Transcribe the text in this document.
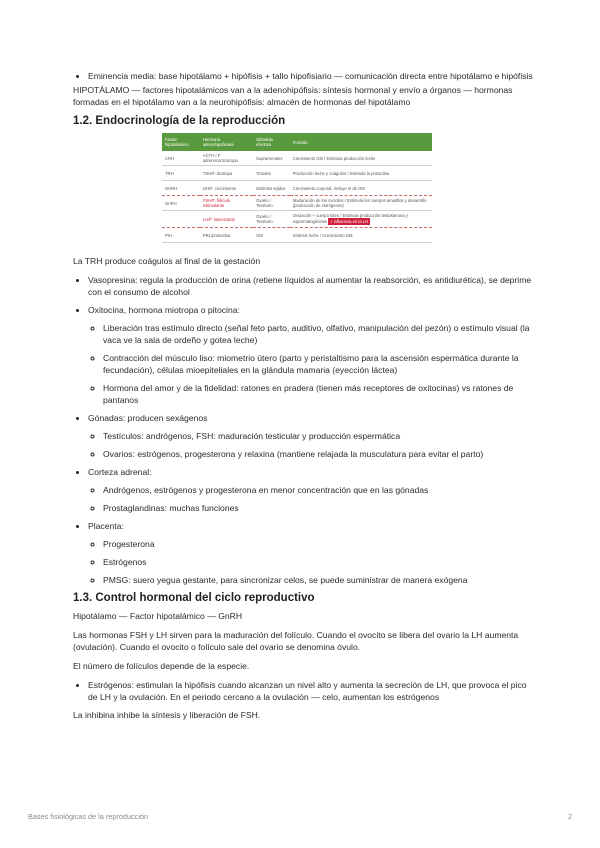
• Eminencia media: base hipotálamo + hipófisis + tallo hipofisiario — comunicación directa entre hipotálamo e hipófisis

HIPOTÁLAMO — factores hipotalámicos van a la adenohipófisis: síntesis hormonal y envío a órganos — hormonas formadas en el hipotálamo van a la neurohipófisis: almacén de hormonas del hipotálamo

1.2. Endocrinología de la reproducción
Factor hipotalámico	Hormona adenohipofisaria	Glándula efectora	Función
CRH	ACTH / F. adrenocorticotropa	Suprarrenales	Crecimiento GM / Estimula producción leche
TRH	TSH/F. tirotropa	Tiroides	Producción leche y coágulos / Estimula la prolactina
GHRH	GH/F. crecimiento	Distintos tejidos	Crecimiento corporal, incluye el de GM
GnRH	FSH/F. folículo estimulante	Ovario / Testículo	Maduración de los ovocitos / Estimula los cuerpos amarillos y desarrollo (producción de estrógenos)
	LH/F. luteinizante	Ovario / Testículo	Ovulación + cuerpo lúteo / Estimula producción testosterona y espermatogénesis + influencia en la LH
PIH	PRL/prolactina	GM	Síntesis leche / Crecimiento GM

La TRH produce coágulos al final de la gestación

• Vasopresina: regula la producción de orina (retiene líquidos al aumentar la reabsorción, es antidiurética), se deprime con el consumo de alcohol
• Oxitocina, hormona miotropa o pitocina:
◦ Liberación tras estímulo directo (señal feto parto, auditivo, olfativo, manipulación del pezón) o estímulo visual (la vaca ve la sala de ordeño y gotea leche)
◦ Contracción del músculo liso: miometrio útero (parto y peristaltismo para la ascensión espermática durante la fecundación), células mioepiteliales en la glándula mamaria (eyección láctea)
◦ Hormona del amor y de la fidelidad: ratones en pradera (tienen más receptores de oxitocinas) vs ratones de pantanos
• Gónadas: producen sexágenos
◦ Testículos: andrógenos, FSH: maduración testicular y producción espermática
◦ Ovarios: estrógenos, progesterona y relaxina (mantiene relajada la musculatura para evitar el parto)
• Corteza adrenal:
◦ Andrógenos, estrógenos y progesterona en menor concentración que en las gónadas
◦ Prostaglandinas: muchas funciones
• Placenta:
◦ Progesterona
◦ Estrógenos
◦ PMSG: suero yegua gestante, para sincronizar celos, se puede suministrar de manera exógena
1.3. Control hormonal del ciclo reproductivo

Hipotálamo — Factor hipotalámico — GnRH

Las hormonas FSH y LH sirven para la maduración del folículo. Cuando el ovocito se libera del ovario la LH aumenta (ovulación). Cuando el ovocito o folículo sale del ovario se denomina óvulo.

El número de folículos depende de la especie.

• Estrógenos: estimulan la hipófisis cuando alcanzan un nivel alto y aumenta la secreción de LH, que provoca el pico de LH y la ovulación. En el periodo cercano a la ovulación — celo, aumentan los estrógenos

La inhibina inhibe la síntesis y liberación de FSH.

Bases fisiológicas de la reproducción	2
